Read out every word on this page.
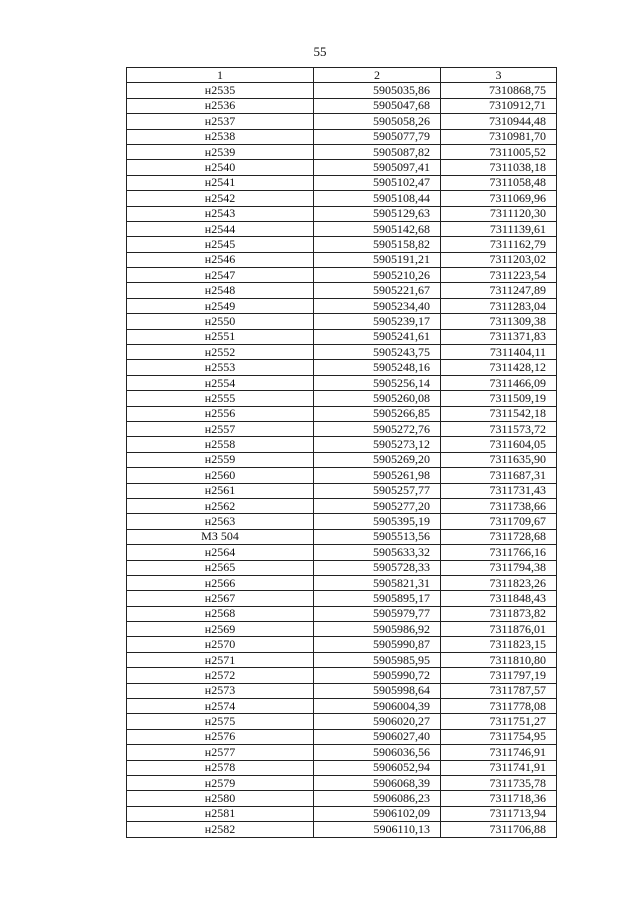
55
1	2	3
н2535	5905035,86	7310868,75
н2536	5905047,68	7310912,71
н2537	5905058,26	7310944,48
н2538	5905077,79	7310981,70
н2539	5905087,82	7311005,52
н2540	5905097,41	7311038,18
н2541	5905102,47	7311058,48
н2542	5905108,44	7311069,96
н2543	5905129,63	7311120,30
н2544	5905142,68	7311139,61
н2545	5905158,82	7311162,79
н2546	5905191,21	7311203,02
н2547	5905210,26	7311223,54
н2548	5905221,67	7311247,89
н2549	5905234,40	7311283,04
н2550	5905239,17	7311309,38
н2551	5905241,61	7311371,83
н2552	5905243,75	7311404,11
н2553	5905248,16	7311428,12
н2554	5905256,14	7311466,09
н2555	5905260,08	7311509,19
н2556	5905266,85	7311542,18
н2557	5905272,76	7311573,72
н2558	5905273,12	7311604,05
н2559	5905269,20	7311635,90
н2560	5905261,98	7311687,31
н2561	5905257,77	7311731,43
н2562	5905277,20	7311738,66
н2563	5905395,19	7311709,67
МЗ 504	5905513,56	7311728,68
н2564	5905633,32	7311766,16
н2565	5905728,33	7311794,38
н2566	5905821,31	7311823,26
н2567	5905895,17	7311848,43
н2568	5905979,77	7311873,82
н2569	5905986,92	7311876,01
н2570	5905990,87	7311823,15
н2571	5905985,95	7311810,80
н2572	5905990,72	7311797,19
н2573	5905998,64	7311787,57
н2574	5906004,39	7311778,08
н2575	5906020,27	7311751,27
н2576	5906027,40	7311754,95
н2577	5906036,56	7311746,91
н2578	5906052,94	7311741,91
н2579	5906068,39	7311735,78
н2580	5906086,23	7311718,36
н2581	5906102,09	7311713,94
н2582	5906110,13	7311706,88
